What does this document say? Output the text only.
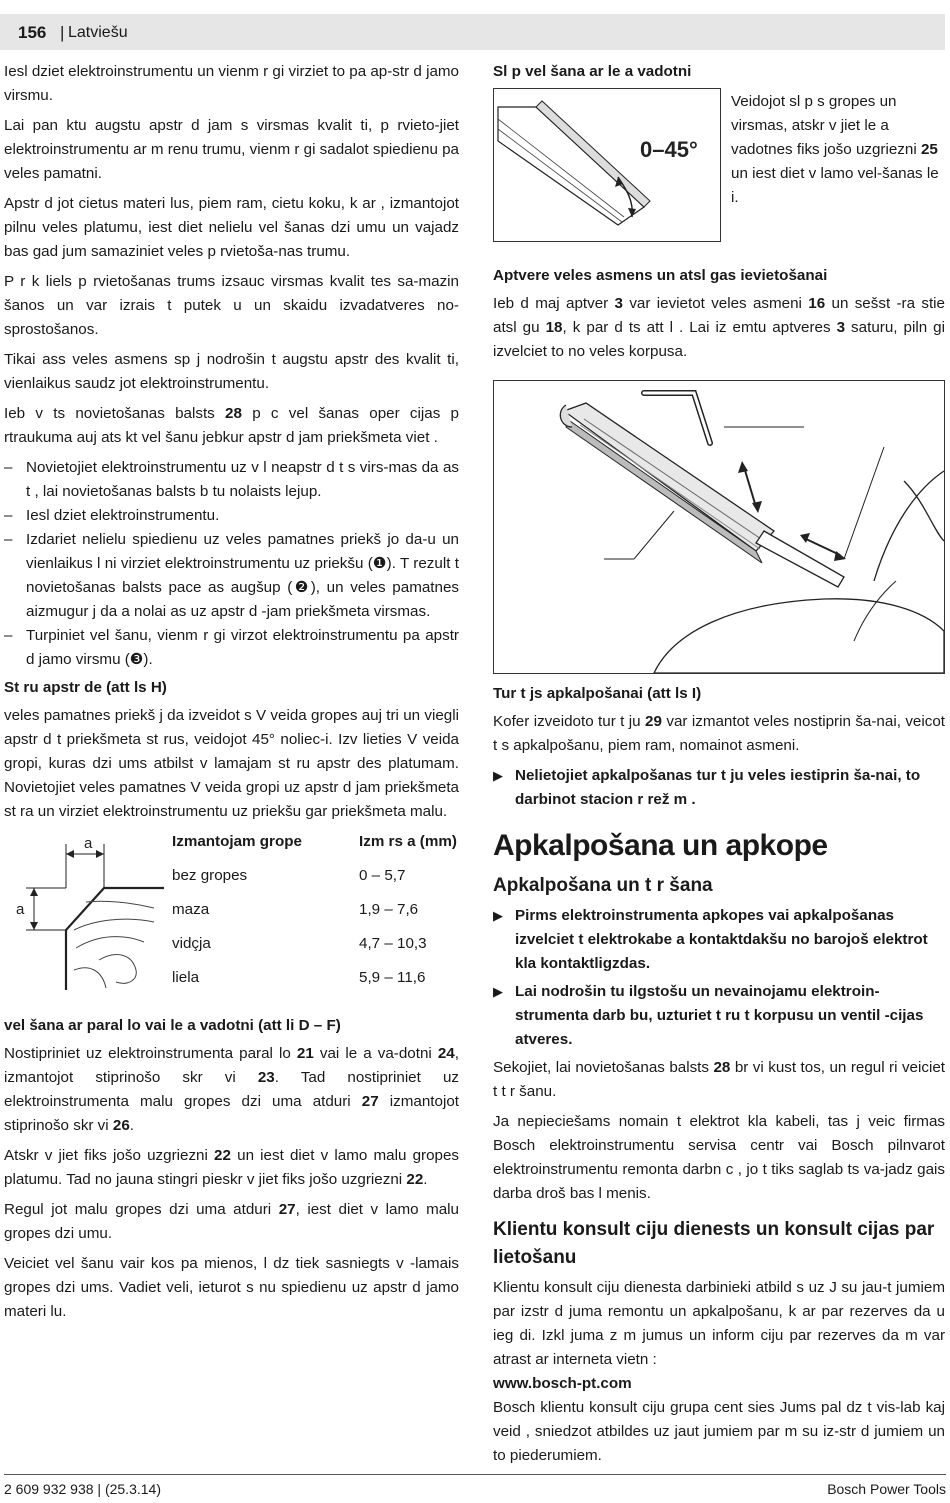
156 | Latviešu

Iesl dziet elektroinstrumentu un vienm r gi virziet to pa ap-str d jamo virsmu.

Lai pan ktu augstu apstr d jam s virsmas kvalit ti, p rvieto-jiet elektroinstrumentu ar m renu trumu, vienm r gi sadalot spiedienu pa veles pamatni.

Apstr d jot cietus materi lus, piem ram, cietu koku, k ar , izmantojot pilnu veles platumu, iest diet nelielu vel šanas dzi umu un vajadz bas gad jum samaziniet veles p rvietoša-nas trumu.

P r k liels p rvietošanas trums izsauc virsmas kvalit tes sa-mazin šanos un var izrais t putek u un skaidu izvadatveres no-sprostošanos.

Tikai ass veles asmens sp j nodrošin t augstu apstr des kvalit ti, vienlaikus saudz jot elektroinstrumentu.

Ieb v ts novietošanas balsts 28 p c vel šanas oper cijas p rtraukuma auj ats kt vel šanu jebkur apstr d jam priekšmeta viet .

– Novietojiet elektroinstrumentu uz v l neapstr d t s virs-mas da as t , lai novietošanas balsts b tu nolaists lejup.
– Iesl dziet elektroinstrumentu.
– Izdariet nelielu spiedienu uz veles pamatnes priekš jo da-u un vienlaikus l ni virziet elektroinstrumentu uz priekšu (❶). T rezult t novietošanas balsts pace as augšup (❷), un veles pamatnes aizmugur j da a nolai as uz apstr d -jam priekšmeta virsmas.
– Turpiniet vel šanu, vienm r gi virzot elektroinstrumentu pa apstr d jamo virsmu (❸).
St ru apstr de (att ls H)

veles pamatnes priekš j da izveidot s V veida gropes auj tri un viegli apstr d t priekšmeta st rus, veidojot 45° noliec-i. Izv lieties V veida gropi, kuras dzi ums atbilst v lamajam st ru apstr des platumam. Novietojiet veles pamatnes V veida gropi uz apstr d jam priekšmeta st ra un virziet elektroinstrumentu uz priekšu gar priekšmeta malu.

a
a
Izmantojam grope	Izm rs a (mm)
bez gropes	0 – 5,7
maza	1,9 – 7,6
vidçja	4,7 – 10,3
liela	5,9 – 11,6
vel šana ar paral lo vai le a vadotni (att li D – F)

Nostipriniet uz elektroinstrumenta paral lo 21 vai le a va-dotni 24, izmantojot stiprinošo skr vi 23. Tad nostipriniet uz elektroinstrumenta malu gropes dzi uma atduri 27 izmantojot stiprinošo skr vi 26.

Atskr v jiet fiks jošo uzgriezni 22 un iest diet v lamo malu gropes platumu. Tad no jauna stingri pieskr v jiet fiks jošo uzgriezni 22.

Regul jot malu gropes dzi uma atduri 27, iest diet v lamo malu gropes dzi umu.

Veiciet vel šanu vair kos pa mienos, l dz tiek sasniegts v -lamais gropes dzi ums. Vadiet veli, ieturot s nu spiedienu uz apstr d jamo materi lu.

Sl p vel šana ar le a vadotni
0–45°

Veidojot sl p s gropes un virsmas, atskr v jiet le a vadotnes fiks jošo uzgriezni 25 un iest diet v lamo vel-šanas le i.

Aptvere veles asmens un atsl gas ievietošanai

Ieb d maj aptver 3 var ievietot veles asmeni 16 un sešst -ra stie atsl gu 18, k par d ts att l . Lai iz emtu aptveres 3 saturu, piln gi izvelciet to no veles korpusa.

Tur t js apkalpošanai (att ls I)

Kofer izveidoto tur t ju 29 var izmantot veles nostiprin ša-nai, veicot t s apkalpošanu, piem ram, nomainot asmeni.

▶ Nelietojiet apkalpošanas tur t ju veles iestiprin ša-nai, to darbinot stacion r rež m .
Apkalpošana un apkope
Apkalpošana un t r šana
▶ Pirms elektroinstrumenta apkopes vai apkalpošanas izvelciet t elektrokabe a kontaktdakšu no barojoš elektrot kla kontaktligzdas.
▶ Lai nodrošin tu ilgstošu un nevainojamu elektroin-strumenta darb bu, uzturiet t ru t korpusu un ventil -cijas atveres.

Sekojiet, lai novietošanas balsts 28 br vi kust tos, un regul ri veiciet t t r šanu.

Ja nepieciešams nomain t elektrot kla kabeli, tas j veic firmas Bosch elektroinstrumentu servisa centr vai Bosch pilnvarot elektroinstrumentu remonta darbn c , jo t tiks saglab ts va-jadz gais darba droš bas l menis.

Klientu konsult ciju dienests un konsult cijas par lietošanu

Klientu konsult ciju dienesta darbinieki atbild s uz J su jau-t jumiem par izstr d juma remontu un apkalpošanu, k ar par rezerves da u ieg di. Izkl juma z m jumus un inform ciju par rezerves da m var atrast ar interneta vietn :

www.bosch-pt.com

Bosch klientu konsult ciju grupa cent sies Jums pal dz t vis-lab kaj veid , sniedzot atbildes uz jaut jumiem par m su iz-str d jumiem un to piederumiem.

2 609 932 938 | (25.3.14)	Bosch Power Tools
